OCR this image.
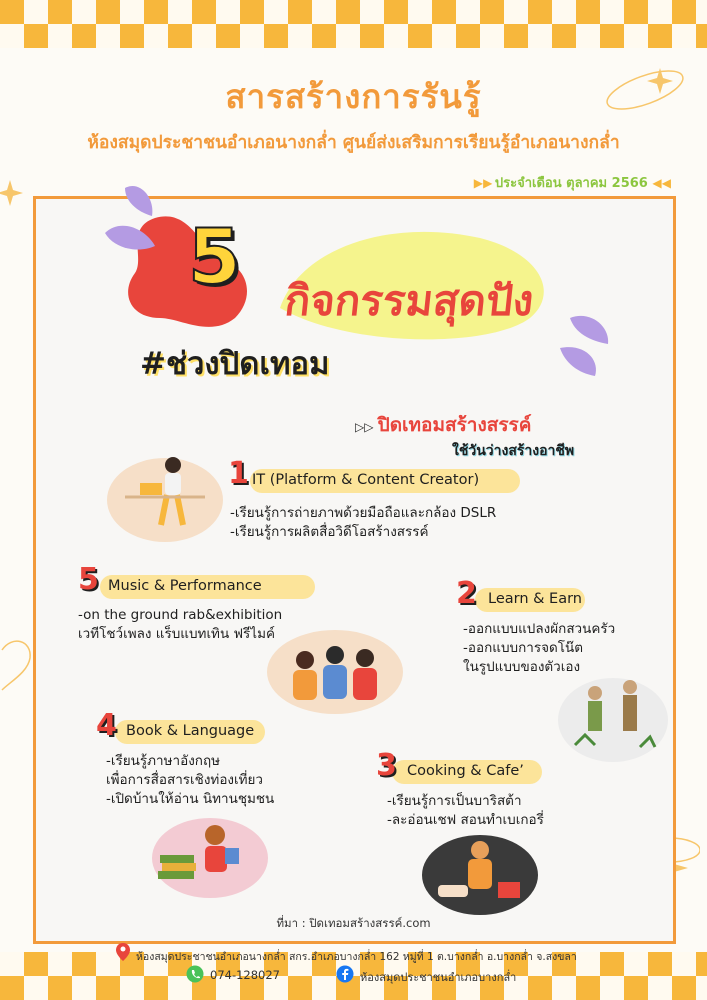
สารสร้างการรันรู้
ห้องสมุดประชาชนอำเภอนางกล่ำ ศูนย์ส่งเสริมการเรียนรู้อำเภอนางกล่ำ
▶ ▶ ประจำเดือน ตุลาคม 2566 ◀ ◀
5 กิจกรรมสุดปัง
#ช่วงปิดเทอม
▷▷ ปิดเทอมสร้างสรรค์
ใช้วันว่างสร้างอาชีพ
1 IT (Platform & Content Creator)
-เรียนรู้การถ่ายภาพด้วยมือถือและกล้อง DSLR
-เรียนรู้การผลิตสื่อวิดีโอสร้างสรรค์
5 Music & Performance
-on the ground rab&exhibition
เวทีโชว์เพลง แร็บแบทเทิน ฟรีไมค์
2 Learn & Earn
-ออกแบบแปลงผักสวนครัว
-ออกแบบการจดโน๊ต
ในรูปแบบของตัวเอง
4 Book & Language
-เรียนรู้ภาษาอังกฤษ
เพื่อการสื่อสารเชิงท่องเที่ยว
-เปิดบ้านให้อ่าน นิทานชุมชน
3 Cooking & Cafe’
-เรียนรู้การเป็นบาริสต้า
-ละอ่อนเชฟ สอนทำเบเกอรี่
ที่มา : ปิดเทอมสร้างสรรค์.com
ห้องสมุดประชาชนอำเภอนางกล่ำ สกร.อำเภอบางกล่ำ 162 หมู่ที่ 1 ต.บางกล่ำ อ.บางกล่ำ จ.สงขลา
074-128027	ห้องสมุดประชาชนอำเภอบางกล่ำ
